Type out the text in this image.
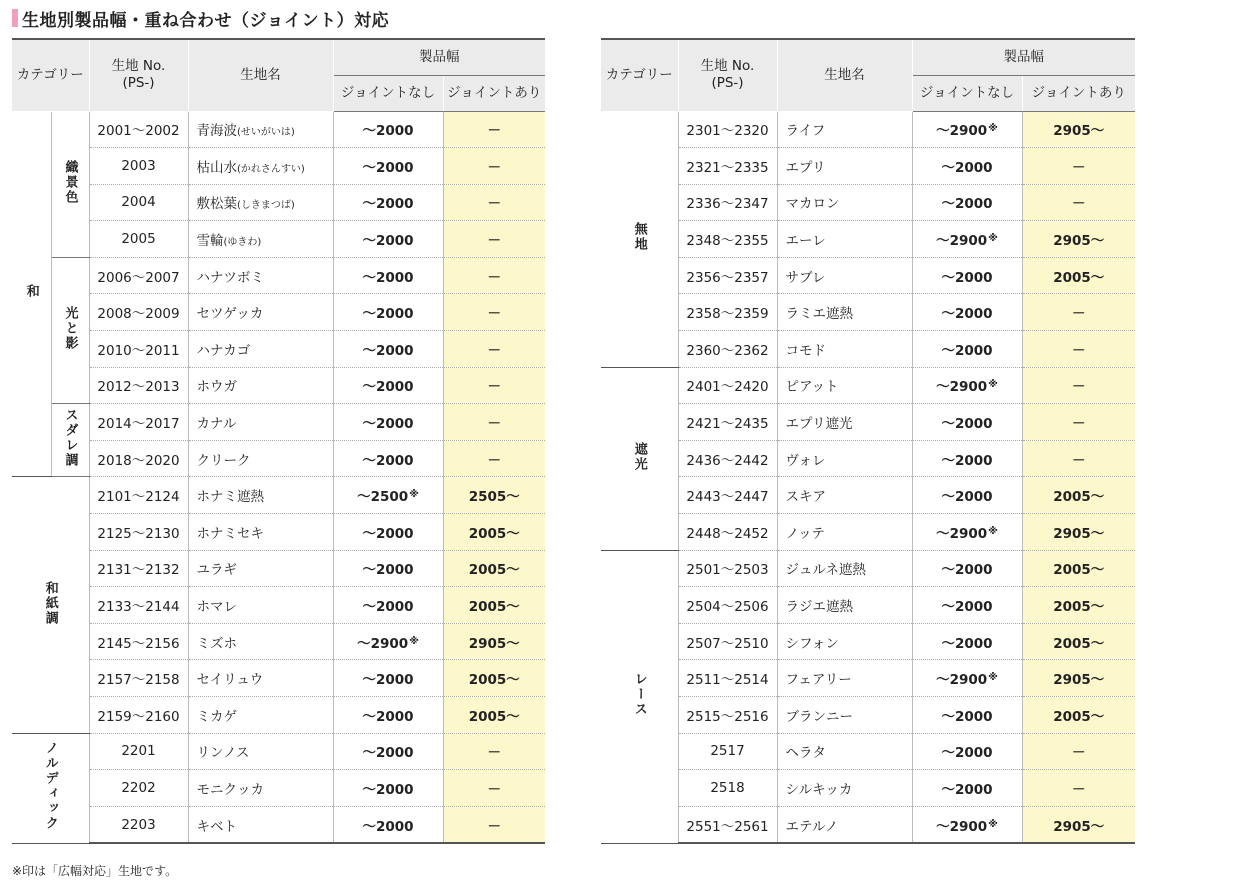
生地別製品幅・重ね合わせ（ジョイント）対応
カテゴリー		生地 No.
(PS-)	生地名	製品幅	
				ジョイントなし	ジョイントあり
和	織景色	2001～2002	青海波(せいがいは)	～2000	－
		2003	枯山水(かれさんすい)	～2000	－
		2004	敷松葉(しきまつば)	～2000	－
		2005	雪輪(ゆきわ)	～2000	－
	光と影	2006～2007	ハナツボミ	～2000	－
		2008～2009	セツゲッカ	～2000	－
		2010～2011	ハナカゴ	～2000	－
		2012～2013	ホウガ	～2000	－
	スダレ調	2014～2017	カナル	～2000	－
		2018～2020	クリーク	～2000	－
和紙調		2101～2124	ホナミ遮熱	～2500※	2505～
		2125～2130	ホナミセキ	～2000	2005～
		2131～2132	ユラギ	～2000	2005～
		2133～2144	ホマレ	～2000	2005～
		2145～2156	ミズホ	～2900※	2905～
		2157～2158	セイリュウ	～2000	2005～
		2159～2160	ミカゲ	～2000	2005～
ノルディック		2201	リンノス	～2000	－
		2202	モニクッカ	～2000	－
		2203	キベト	～2000	－
カテゴリー	生地 No.
(PS-)	生地名	製品幅	
			ジョイントなし	ジョイントあり
無地	2301～2320	ライフ	～2900※	2905～
	2321～2335	エプリ	～2000	－
	2336～2347	マカロン	～2000	－
	2348～2355	エーレ	～2900※	2905～
	2356～2357	サブレ	～2000	2005～
	2358～2359	ラミエ遮熱	～2000	－
	2360～2362	コモド	～2000	－
遮光	2401～2420	ピアット	～2900※	－
	2421～2435	エプリ遮光	～2000	－
	2436～2442	ヴォレ	～2000	－
	2443～2447	スキア	～2000	2005～
	2448～2452	ノッテ	～2900※	2905～
レース	2501～2503	ジュルネ遮熱	～2000	2005～
	2504～2506	ラジエ遮熱	～2000	2005～
	2507～2510	シフォン	～2000	2005～
	2511～2514	フェアリー	～2900※	2905～
	2515～2516	ブランニー	～2000	2005～
	2517	ヘラタ	～2000	－
	2518	シルキッカ	～2000	－
	2551～2561	エテルノ	～2900※	2905～
※印は「広幅対応」生地です。
